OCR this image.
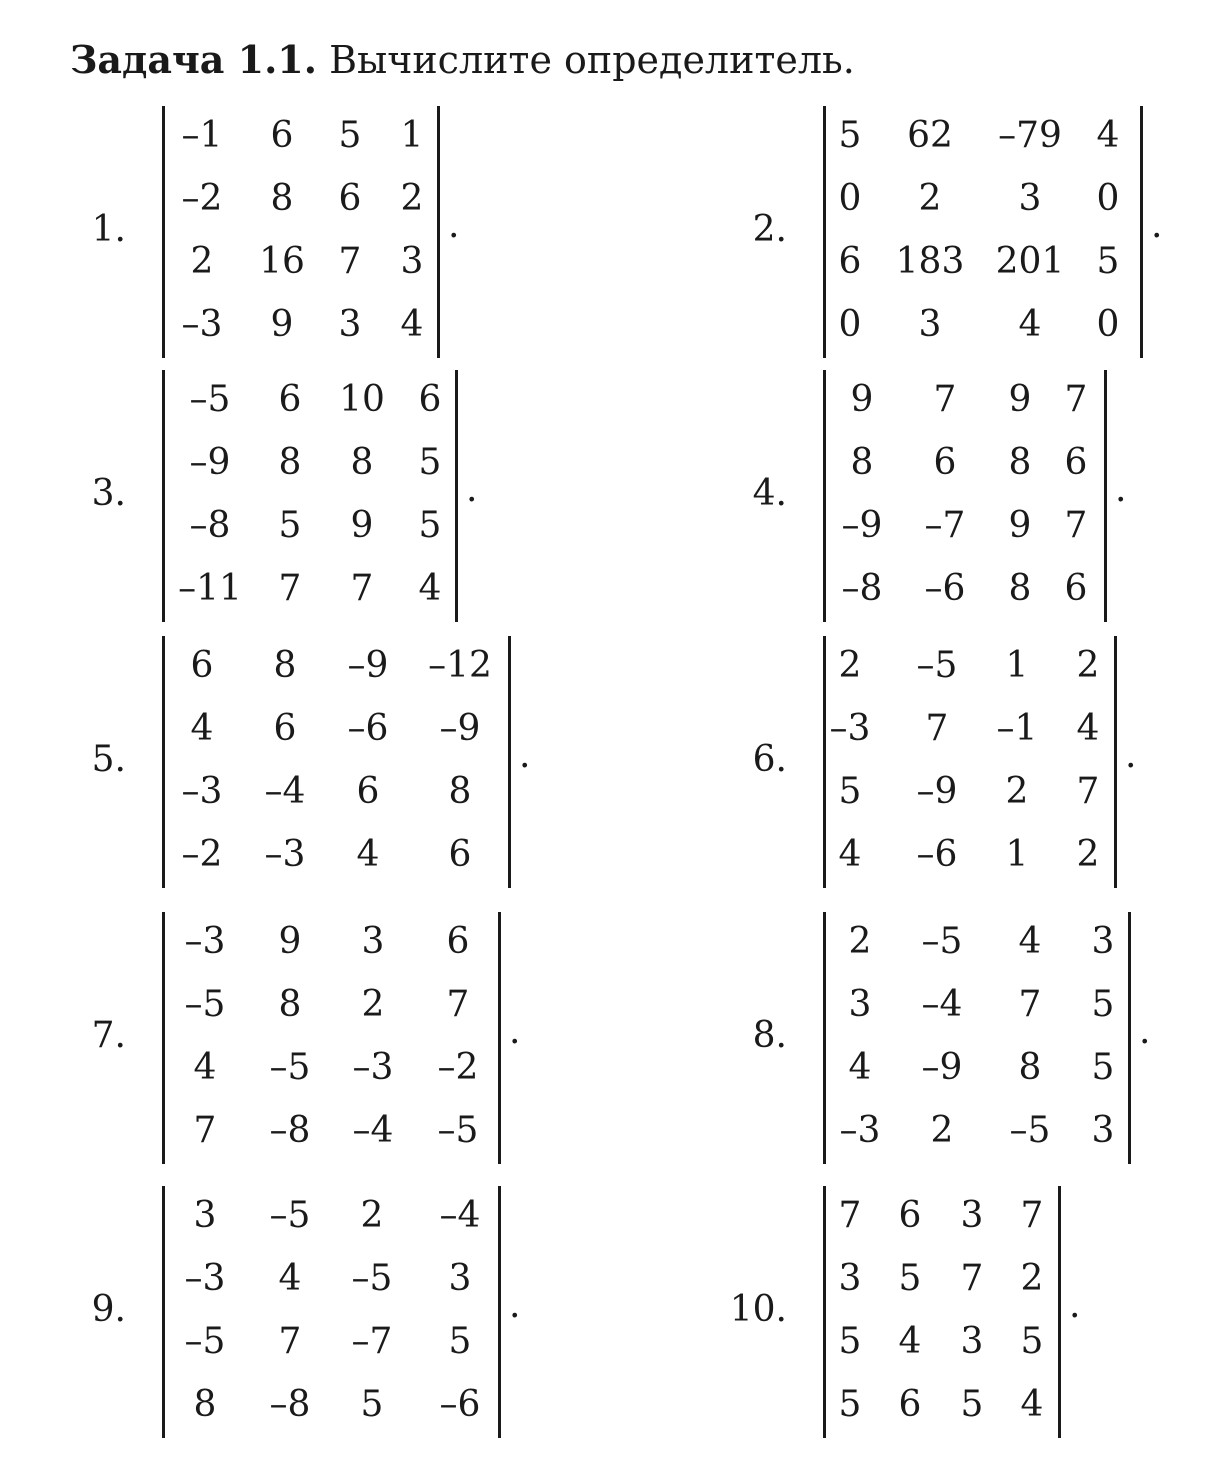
Задача 1.1. Вычислите определитель.
1.
–1	6	5	1
–2	8	6	2
2	16 7	3
–3	9	3	4
.	2.
5	62	–79 4
0	2	3	0
6 183 201 5
0	3	4	0
.
3.
–5	6	10 6
–9	8	8	5
–8	5	9	5
–11	7	7	4
.	4.
9	7	9 7
8	6	8 6
–9	–7	9 7
–8	–6	8 6
.
5.
6	8	–9	–12
4	6	–6	–9
–3	–4	6	8
–2	–3	4	6
.	6.
2	–5	1	2
–3	7	–1	4
5	–9	2	7
4	–6	1	2
.
7.
–3	9	3	6
–5	8	2	7
4	–5	–3	–2
7	–8	–4	–5
.	8.
2	–5	4	3
3	–4	7	5
4	–9	8	5
–3	2	–5	3
.
9.
3	–5	2	–4
–3	4	–5	3
–5	7	–7	5
8	–8	5	–6
.	10.
7	6	3	7
3	5	7	2
5	4	3	5
5	6	5	4
.
